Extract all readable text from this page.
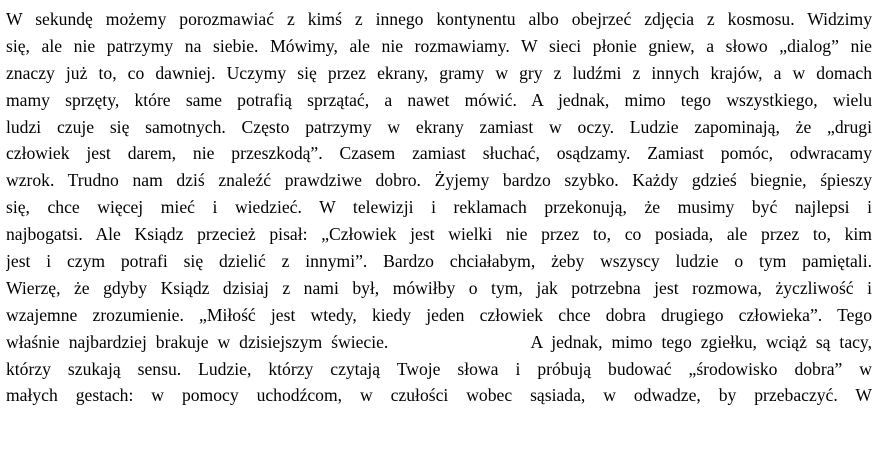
W sekundę możemy porozmawiać z kimś z innego kontynentu albo obejrzeć zdjęcia z kosmosu. Widzimy
się, ale nie patrzymy na siebie. Mówimy, ale nie rozmawiamy. W sieci płonie gniew, a słowo „dialog” nie
znaczy już to, co dawniej. Uczymy się przez ekrany, gramy w gry z ludźmi z innych krajów, a w domach
mamy sprzęty, które same potrafią sprzątać, a nawet mówić. A jednak, mimo tego wszystkiego, wielu
ludzi czuje się samotnych. Często patrzymy w ekrany zamiast w oczy. Ludzie zapominają, że „drugi
człowiek jest darem, nie przeszkodą”. Czasem zamiast słuchać, osądzamy. Zamiast pomóc, odwracamy
wzrok. Trudno nam dziś znaleźć prawdziwe dobro. Żyjemy bardzo szybko. Każdy gdzieś biegnie, śpieszy
się, chce więcej mieć i wiedzieć. W telewizji i reklamach przekonują, że musimy być najlepsi i
najbogatsi. Ale Ksiądz przecież pisał: „Człowiek jest wielki nie przez to, co posiada, ale przez to, kim
jest i czym potrafi się dzielić z innymi”. Bardzo chciałabym, żeby wszyscy ludzie o tym pamiętali.
Wierzę, że gdyby Ksiądz dzisiaj z nami był, mówiłby o tym, jak potrzebna jest rozmowa, życzliwość i
wzajemne zrozumienie. „Miłość jest wtedy, kiedy jeden człowiek chce dobra drugiego człowieka”. Tego
właśnie najbardziej brakuje w dzisiejszym świecie.                A jednak, mimo tego zgiełku, wciąż są tacy,
którzy szukają sensu. Ludzie, którzy czytają Twoje słowa i próbują budować „środowisko dobra” w
małych gestach: w pomocy uchodźcom, w czułości wobec sąsiada, w odwadze, by przebaczyć. W
